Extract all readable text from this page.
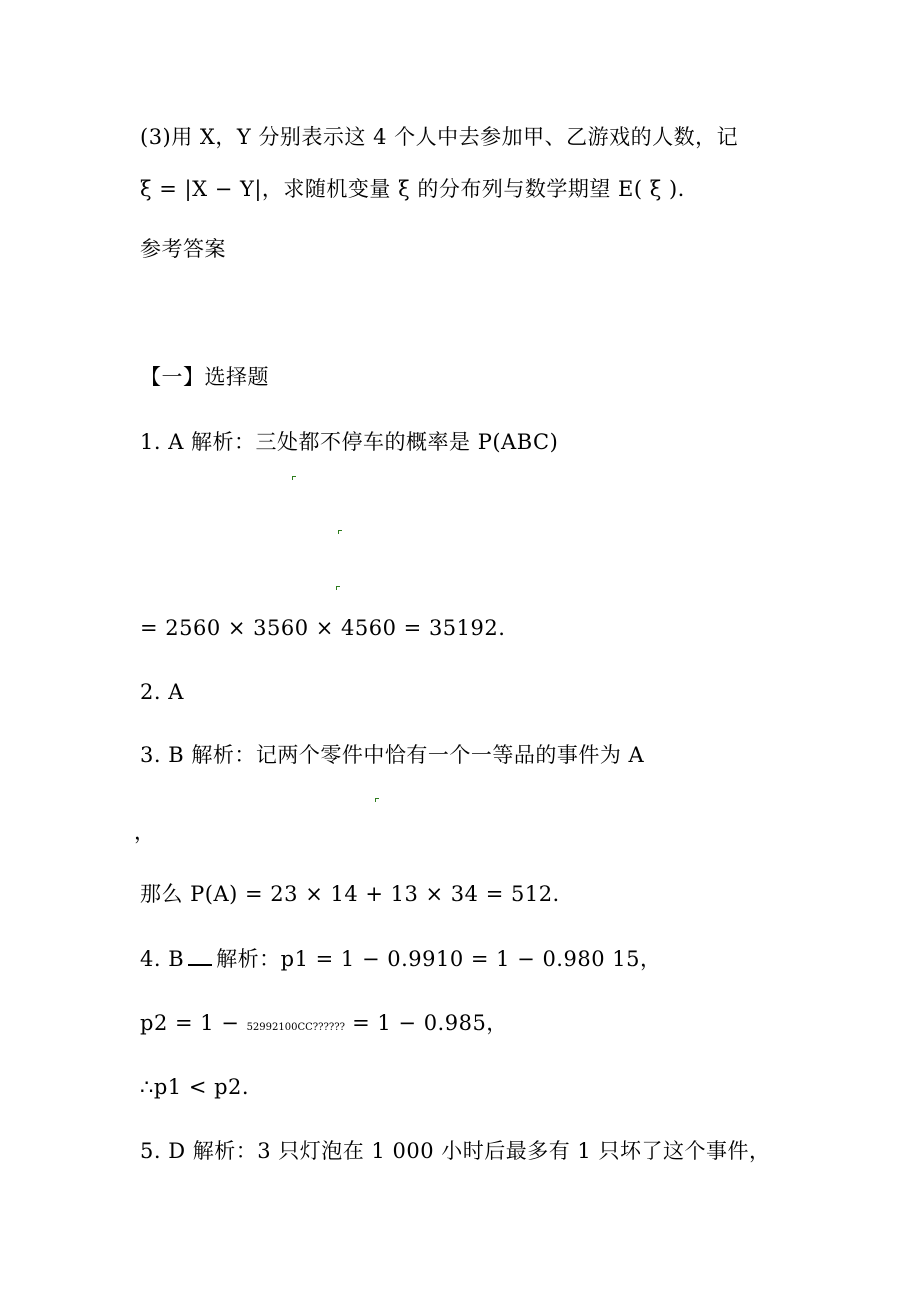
(3)用 X，Y 分别表示这 4 个人中去参加甲、乙游戏的人数，记
ξ = |X − Y|，求随机变量 ξ 的分布列与数学期望 E( ξ ).
参考答案
【一】选择题
1. A 解析：三处都不停车的概率是 P(ABC)
= 2560 × 3560 × 4560 = 35192.
2. A
3. B 解析：记两个零件中恰有一个一等品的事件为 A
，
那么 P(A) = 23 × 14 + 13 × 34 = 512.
4. B 解析：p1 = 1 − 0.9910 = 1 − 0.980 15，
p2 = 1 − 52992100CC?????? = 1 − 0.985，
∴p1 < p2.
5. D 解析：3 只灯泡在 1 000 小时后最多有 1 只坏了这个事件，
